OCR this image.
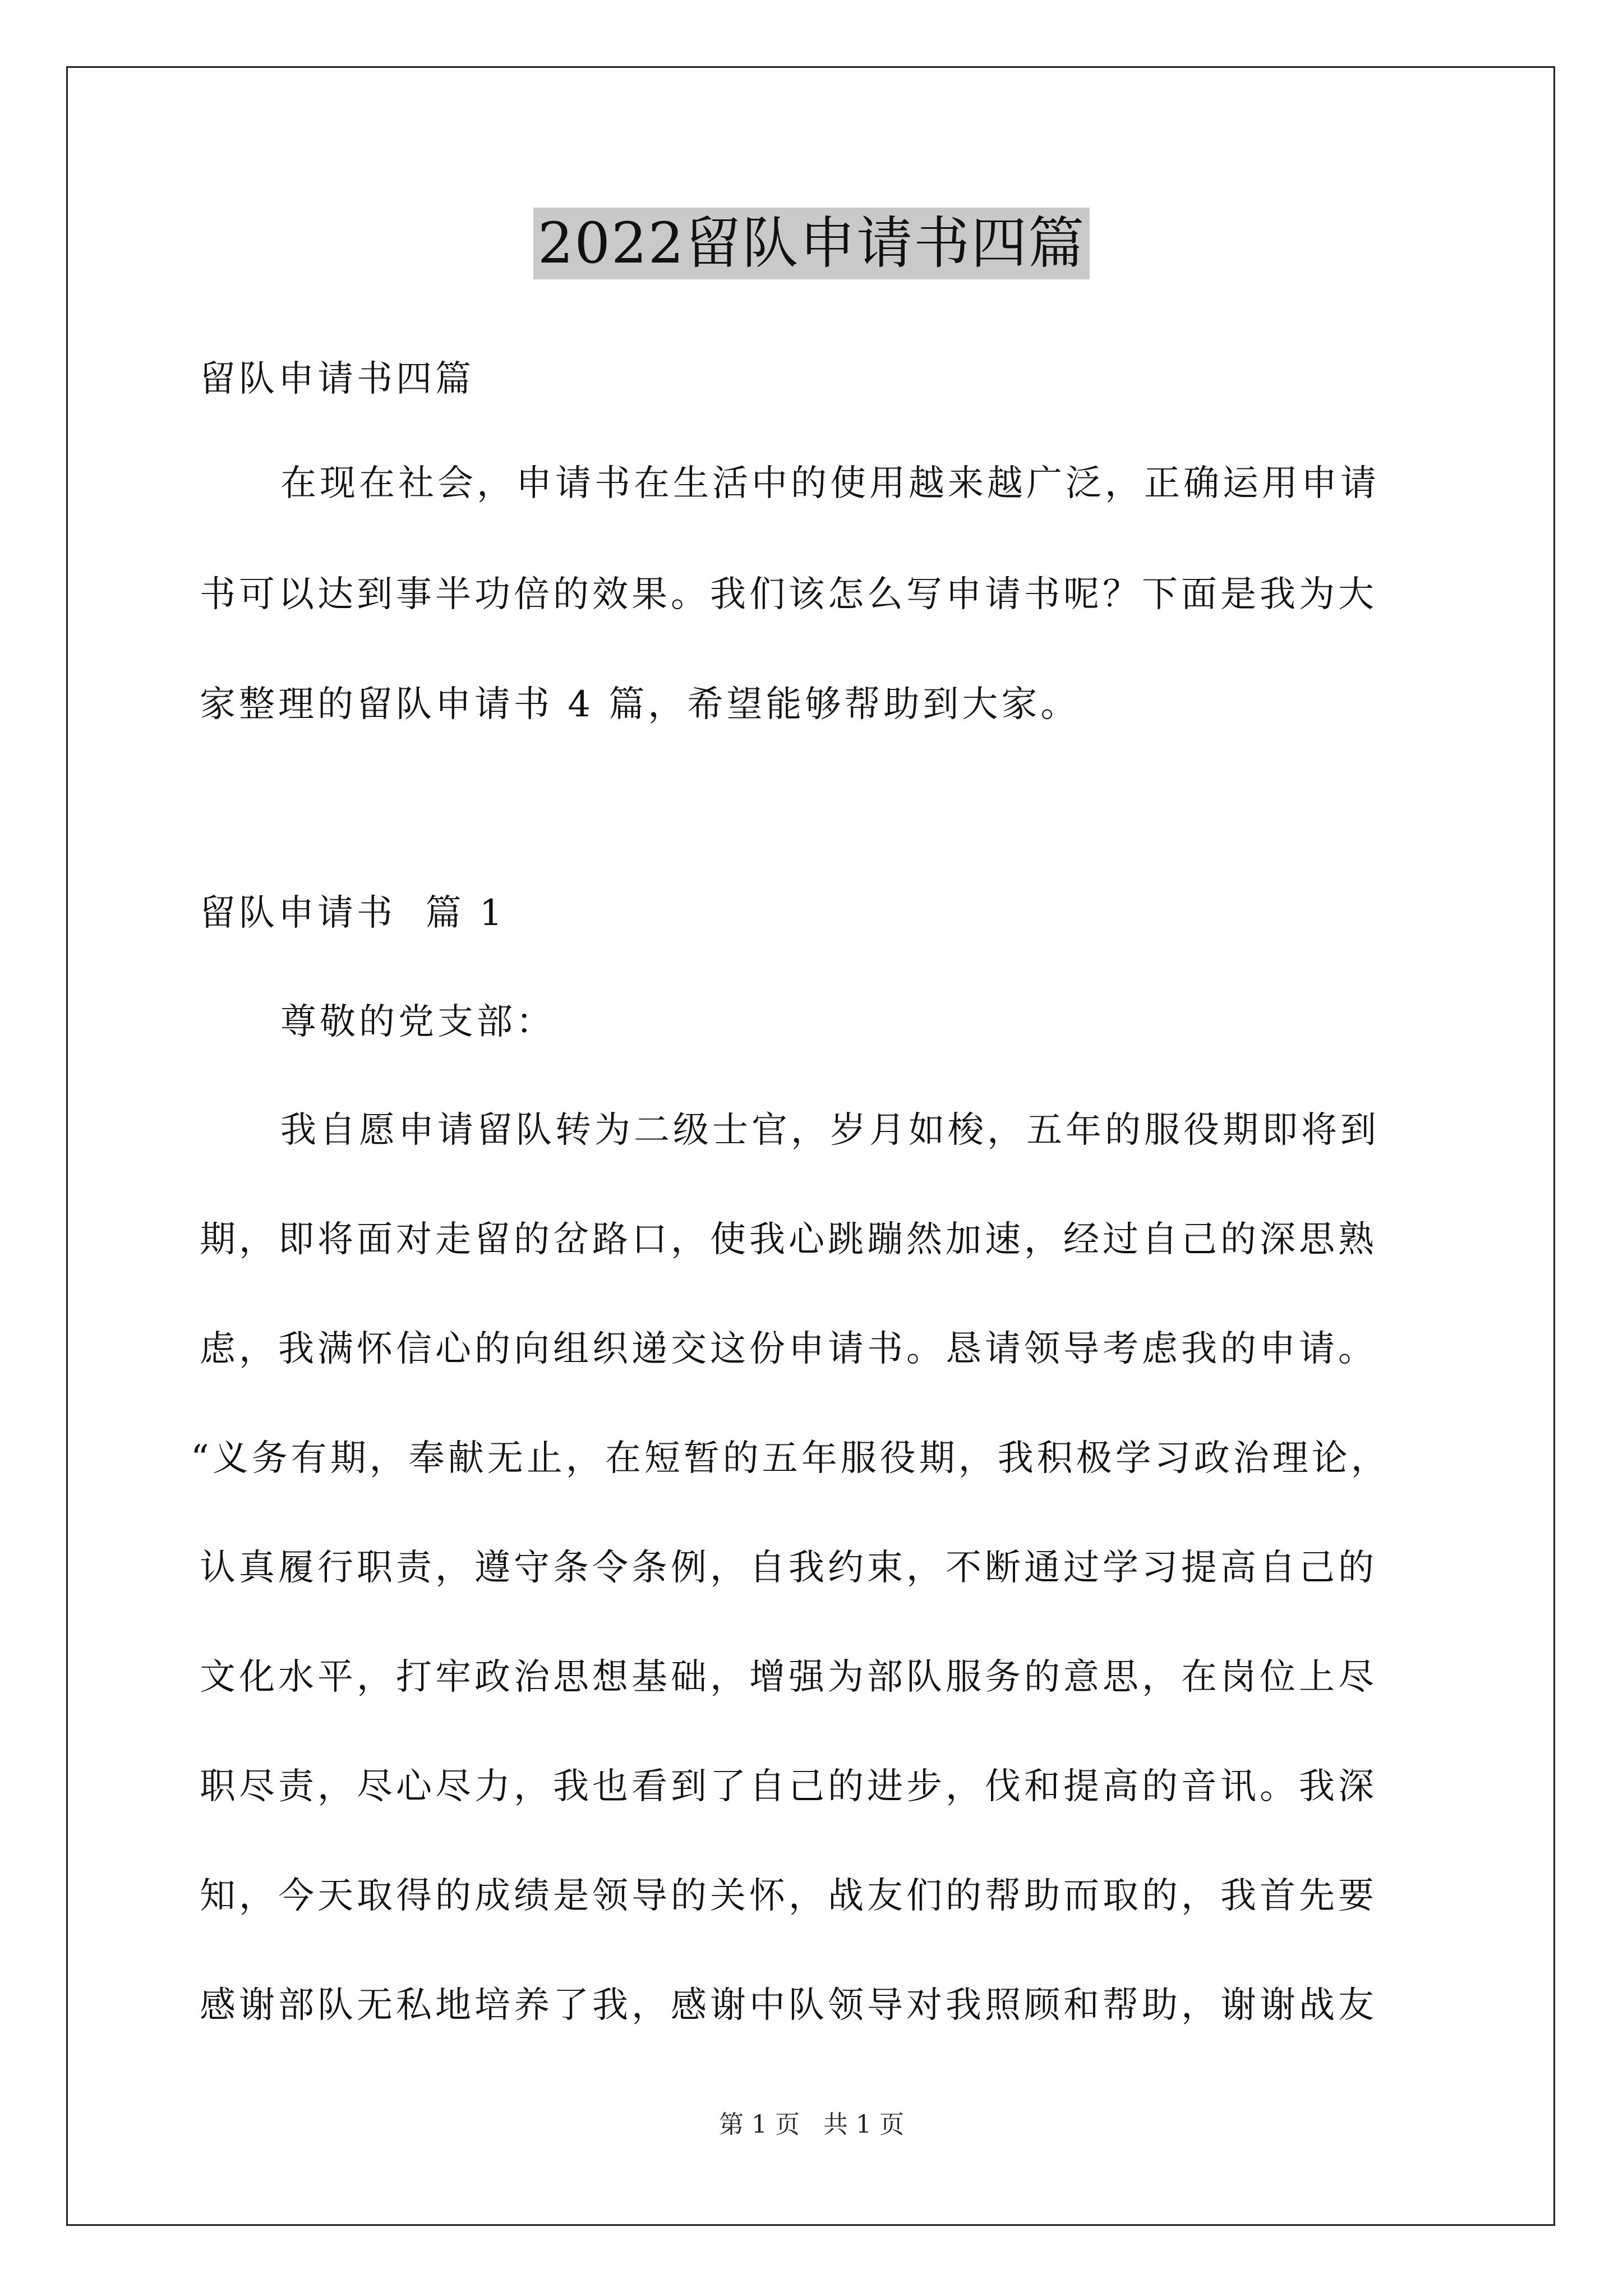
2022留队申请书四篇
留队申请书四篇
在现在社会，申请书在生活中的使用越来越广泛，正确运用申请
书可以达到事半功倍的效果。我们该怎么写申请书呢？下面是我为大
家整理的留队申请书 4 篇，希望能够帮助到大家。
留队申请书  篇 1
尊敬的党支部：
我自愿申请留队转为二级士官，岁月如梭，五年的服役期即将到
期，即将面对走留的岔路口，使我心跳蹦然加速，经过自己的深思熟
虑，我满怀信心的向组织递交这份申请书。恳请领导考虑我的申请。
“义务有期，奉献无止，在短暂的五年服役期，我积极学习政治理论，
认真履行职责，遵守条令条例，自我约束，不断通过学习提高自己的
文化水平，打牢政治思想基础，增强为部队服务的意思，在岗位上尽
职尽责，尽心尽力，我也看到了自己的进步，伐和提高的音讯。我深
知，今天取得的成绩是领导的关怀，战友们的帮助而取的，我首先要
感谢部队无私地培养了我，感谢中队领导对我照顾和帮助，谢谢战友
第 1 页   共 1 页
